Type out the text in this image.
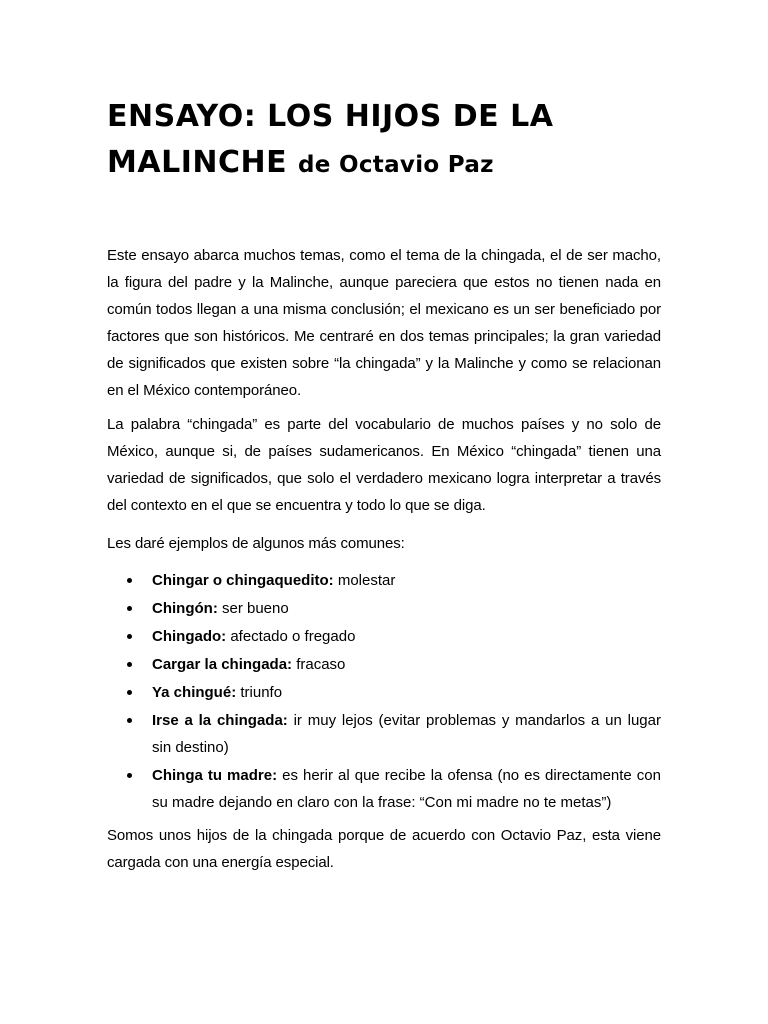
ENSAYO: LOS HIJOS DE LA MALINCHE de Octavio Paz

Este ensayo abarca muchos temas, como el tema de la chingada, el de ser macho, la figura del padre y la Malinche, aunque pareciera que estos no tienen nada en común todos llegan a una misma conclusión; el mexicano es un ser beneficiado por factores que son históricos. Me centraré en dos temas principales; la gran variedad de significados que existen sobre “la chingada” y la Malinche y como se relacionan en el México contemporáneo.

La palabra “chingada” es parte del vocabulario de muchos países y no solo de México, aunque si, de países sudamericanos. En México “chingada” tienen una variedad de significados, que solo el verdadero mexicano logra interpretar a través del contexto en el que se encuentra y todo lo que se diga.

Les daré ejemplos de algunos más comunes:

Chingar o chingaquedito: molestar
Chingón: ser bueno
Chingado: afectado o fregado
Cargar la chingada: fracaso
Ya chingué: triunfo
Irse a la chingada: ir muy lejos (evitar problemas y mandarlos a un lugar sin destino)
Chinga tu madre: es herir al que recibe la ofensa (no es directamente con su madre dejando en claro con la frase: “Con mi madre no te metas”)

Somos unos hijos de la chingada porque de acuerdo con Octavio Paz, esta viene cargada con una energía especial.
